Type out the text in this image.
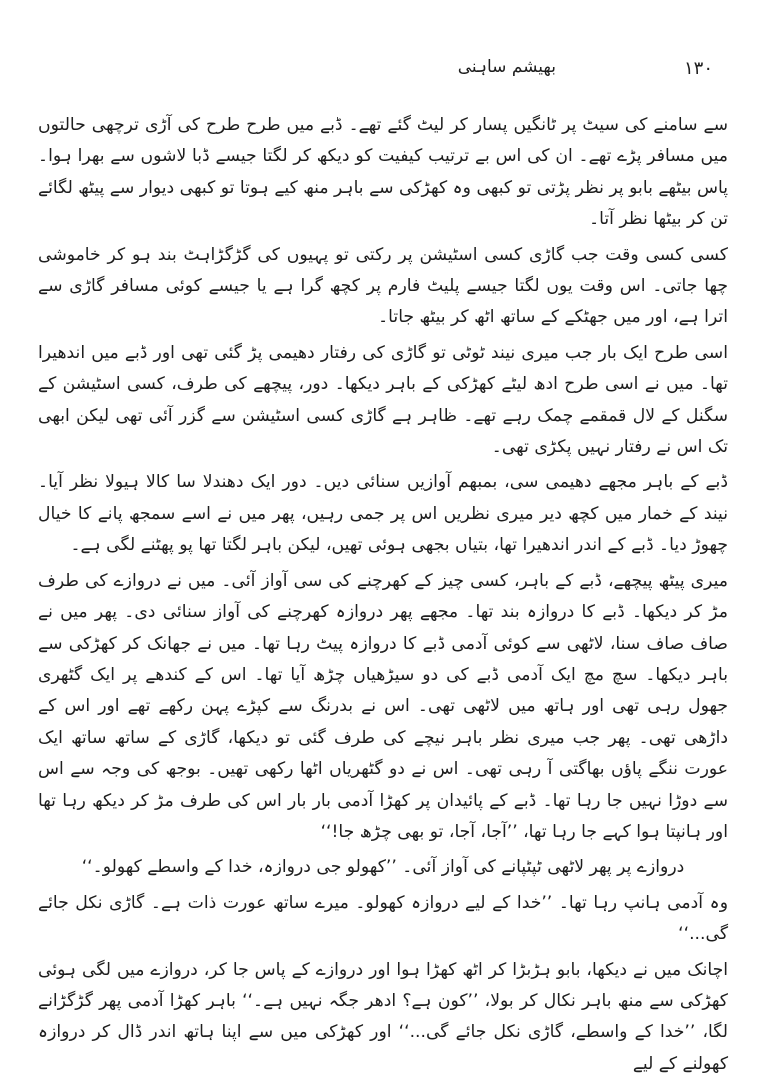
۱۳۰
بھیشم ساہنی

سے سامنے کی سیٹ پر ٹانگیں پسار کر لیٹ گئے تھے۔ ڈبے میں طرح طرح کی آڑی ترچھی حالتوں میں مسافر پڑے تھے۔ ان کی اس بے ترتیب کیفیت کو دیکھ کر لگتا جیسے ڈبا لاشوں سے بھرا ہوا۔ پاس بیٹھے بابو پر نظر پڑتی تو کبھی وہ کھڑکی سے باہر منھ کیے ہوتا تو کبھی دیوار سے پیٹھ لگائے تن کر بیٹھا نظر آتا۔

کسی کسی وقت جب گاڑی کسی اسٹیشن پر رکتی تو پہیوں کی گڑگڑاہٹ بند ہو کر خاموشی چھا جاتی۔ اس وقت یوں لگتا جیسے پلیٹ فارم پر کچھ گرا ہے یا جیسے کوئی مسافر گاڑی سے اترا ہے، اور میں جھٹکے کے ساتھ اٹھ کر بیٹھ جاتا۔

اسی طرح ایک بار جب میری نیند ٹوٹی تو گاڑی کی رفتار دھیمی پڑ گئی تھی اور ڈبے میں اندھیرا تھا۔ میں نے اسی طرح ادھ لیٹے کھڑکی کے باہر دیکھا۔ دور، پیچھے کی طرف، کسی اسٹیشن کے سگنل کے لال قمقمے چمک رہے تھے۔ ظاہر ہے گاڑی کسی اسٹیشن سے گزر آئی تھی لیکن ابھی تک اس نے رفتار نہیں پکڑی تھی۔

ڈبے کے باہر مجھے دھیمی سی، بمبھم آوازیں سنائی دیں۔ دور ایک دھندلا سا کالا ہیولا نظر آیا۔ نیند کے خمار میں کچھ دیر میری نظریں اس پر جمی رہیں، پھر میں نے اسے سمجھ پانے کا خیال چھوڑ دیا۔ ڈبے کے اندر اندھیرا تھا، بتیاں بجھی ہوئی تھیں، لیکن باہر لگتا تھا پو پھٹنے لگی ہے۔

میری پیٹھ پیچھے، ڈبے کے باہر، کسی چیز کے کھرچنے کی سی آواز آئی۔ میں نے دروازے کی طرف مڑ کر دیکھا۔ ڈبے کا دروازہ بند تھا۔ مجھے پھر دروازہ کھرچنے کی آواز سنائی دی۔ پھر میں نے صاف صاف سنا، لاٹھی سے کوئی آدمی ڈبے کا دروازہ پیٹ رہا تھا۔ میں نے جھانک کر کھڑکی سے باہر دیکھا۔ سچ مچ ایک آدمی ڈبے کی دو سیڑھیاں چڑھ آیا تھا۔ اس کے کندھے پر ایک گٹھری جھول رہی تھی اور ہاتھ میں لاٹھی تھی۔ اس نے بدرنگ سے کپڑے پہن رکھے تھے اور اس کے داڑھی تھی۔ پھر جب میری نظر باہر نیچے کی طرف گئی تو دیکھا، گاڑی کے ساتھ ساتھ ایک عورت ننگے پاؤں بھاگتی آ رہی تھی۔ اس نے دو گٹھریاں اٹھا رکھی تھیں۔ بوجھ کی وجہ سے اس سے دوڑا نہیں جا رہا تھا۔ ڈبے کے پائیدان پر کھڑا آدمی بار بار اس کی طرف مڑ کر دیکھ رہا تھا اور ہانپتا ہوا کہے جا رہا تھا، ’’آجا، آجا، تو بھی چڑھ جا!‘‘

دروازے پر پھر لاٹھی ٹپٹپانے کی آواز آئی۔ ’’کھولو جی دروازہ، خدا کے واسطے کھولو۔‘‘

وہ آدمی ہانپ رہا تھا۔ ’’خدا کے لیے دروازہ کھولو۔ میرے ساتھ عورت ذات ہے۔ گاڑی نکل جائے گی...‘‘

اچانک میں نے دیکھا، بابو ہڑبڑا کر اٹھ کھڑا ہوا اور دروازے کے پاس جا کر، دروازے میں لگی ہوئی کھڑکی سے منھ باہر نکال کر بولا، ’’کون ہے؟ ادھر جگہ نہیں ہے۔‘‘ باہر کھڑا آدمی پھر گڑگڑانے لگا، ’’خدا کے واسطے، گاڑی نکل جائے گی...‘‘ اور کھڑکی میں سے اپنا ہاتھ اندر ڈال کر دروازہ کھولنے کے لیے
